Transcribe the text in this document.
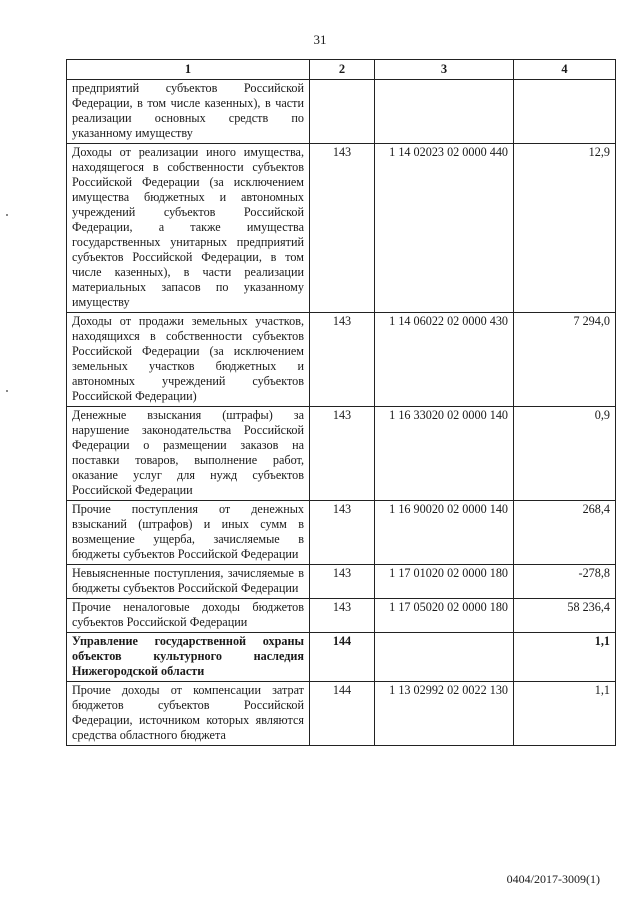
31
1	2	3	4
предприятий субъектов Российской Федерации, в том числе казенных), в части реализации основных средств по указанному имуществу			
Доходы от реализации иного имущества, находящегося в собственности субъектов Российской Федерации (за исключением имущества бюджетных и автономных учреждений субъектов Российской Федерации, а также имущества государственных унитарных предприятий субъектов Российской Федерации, в том числе казенных), в части реализации материальных запасов по указанному имуществу	143	1 14 02023 02 0000 440	12,9
Доходы от продажи земельных участков, находящихся в собственности субъектов Российской Федерации (за исключением земельных участков бюджетных и автономных учреждений субъектов Российской Федерации)	143	1 14 06022 02 0000 430	7 294,0
Денежные взыскания (штрафы) за нарушение законодательства Российской Федерации о размещении заказов на поставки товаров, выполнение работ, оказание услуг для нужд субъектов Российской Федерации	143	1 16 33020 02 0000 140	0,9
Прочие поступления от денежных взысканий (штрафов) и иных сумм в возмещение ущерба, зачисляемые в бюджеты субъектов Российской Федерации	143	1 16 90020 02 0000 140	268,4
Невыясненные поступления, зачисляемые в бюджеты субъектов Российской Федерации	143	1 17 01020 02 0000 180	-278,8
Прочие неналоговые доходы бюджетов субъектов Российской Федерации	143	1 17 05020 02 0000 180	58 236,4
Управление государственной охраны объектов культурного наследия Нижегородской области	144		1,1
Прочие доходы от компенсации затрат бюджетов субъектов Российской Федерации, источником которых являются средства областного бюджета	144	1 13 02992 02 0022 130	1,1
0404/2017-3009(1)
